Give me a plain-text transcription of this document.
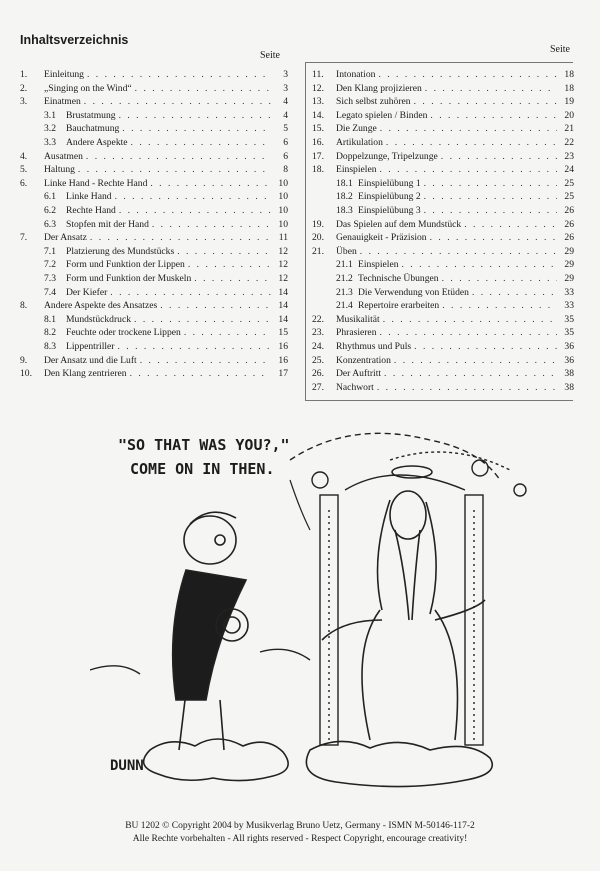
Inhaltsverzeichnis
Seite
1.	Einleitung . . .	3
2.	„Singing on the Wind“ . . .	3
3.	Einatmen . . .	4
3.1	Brustatmung . . .	4
3.2	Bauchatmung . . .	5
3.3	Andere Aspekte . . .	6
4.	Ausatmen . . .	6
5.	Haltung . . .	8
6.	Linke Hand - Rechte Hand . . .	10
6.1	Linke Hand . . .	10
6.2	Rechte Hand . . .	10
6.3	Stopfen mit der Hand . . .	10
7.	Der Ansatz . . .	11
7.1	Platzierung des Mundstücks . . .	12
7.2	Form und Funktion der Lippen . . .	12
7.3	Form und Funktion der Muskeln . . .	12
7.4	Der Kiefer . . .	14
8.	Andere Aspekte des Ansatzes . . .	14
8.1	Mundstückdruck . . .	14
8.2	Feuchte oder trockene Lippen . . .	15
8.3	Lippentriller . . .	16
9.	Der Ansatz und die Luft . . .	16
10.	Den Klang zentrieren . . .	17
Seite
11.	Intonation . . .	18
12.	Den Klang projizieren . . .	18
13.	Sich selbst zuhören . . .	19
14.	Legato spielen / Binden . . .	20
15.	Die Zunge . . .	21
16.	Artikulation . . .	22
17.	Doppelzunge, Tripelzunge . . .	23
18.	Einspielen . . .	24
18.1 Einspielübung 1 . . .	25
18.2 Einspielübung 2 . . .	25
18.3 Einspielübung 3 . . .	26
19.	Das Spielen auf dem Mundstück . . .	26
20.	Genauigkeit - Präzision . . .	26
21.	Üben . . .	29
21.1 Einspielen . . .	29
21.2 Technische Übungen . . .	29
21.3 Die Verwendung von Etüden . . .	33
21.4 Repertoire erarbeiten . . .	33
22.	Musikalität . . .	35
23.	Phrasieren . . .	35
24.	Rhythmus und Puls . . .	36
25.	Konzentration . . .	36
26.	Der Auftritt . . .	38
27.	Nachwort . . .	38
"SO THAT WAS YOU?,"
COME ON IN THEN.
DUNN
BU 1202 © Copyright 2004 by Musikverlag Bruno Uetz, Germany - ISMN M-50146-117-2
Alle Rechte vorbehalten - All rights reserved - Respect Copyright, encourage creativity!
